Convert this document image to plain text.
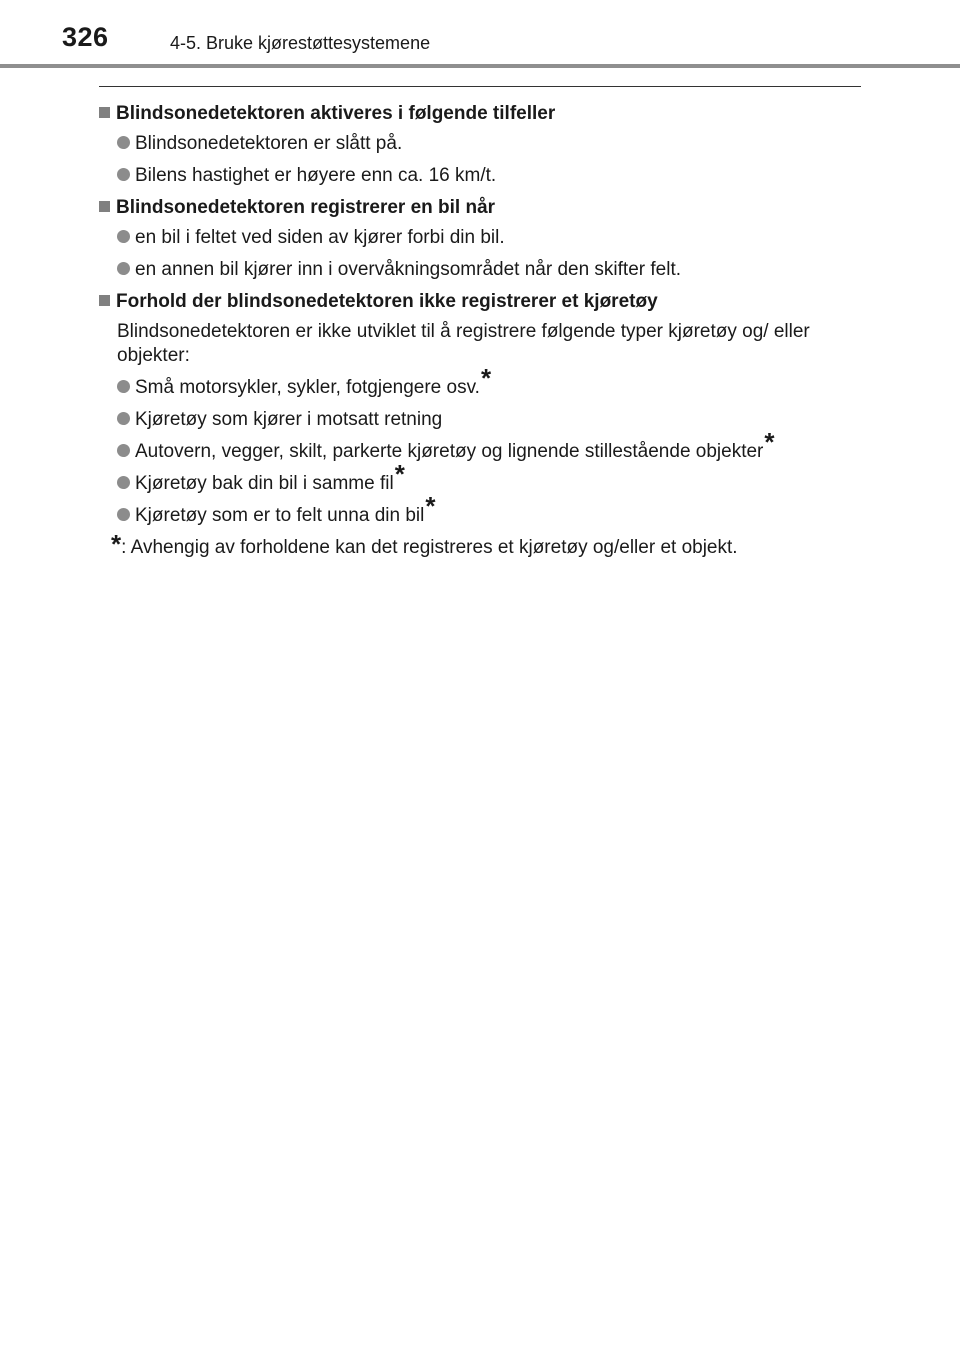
326	4-5. Bruke kjørestøttesystemene
Blindsonedetektoren aktiveres i følgende tilfeller
Blindsonedetektoren er slått på.
Bilens hastighet er høyere enn ca. 16 km/t.
Blindsonedetektoren registrerer en bil når
en bil i feltet ved siden av kjører forbi din bil.
en annen bil kjører inn i overvåkningsområdet når den skifter felt.
Forhold der blindsonedetektoren ikke registrerer et kjøretøy
Blindsonedetektoren er ikke utviklet til å registrere følgende typer kjøretøy og/ eller objekter:
Små motorsykler, sykler, fotgjengere osv.*
Kjøretøy som kjører i motsatt retning
Autovern, vegger, skilt, parkerte kjøretøy og lignende stillestående objekter*
Kjøretøy bak din bil i samme fil*
Kjøretøy som er to felt unna din bil*
* : Avhengig av forholdene kan det registreres et kjøretøy og/eller et objekt.
